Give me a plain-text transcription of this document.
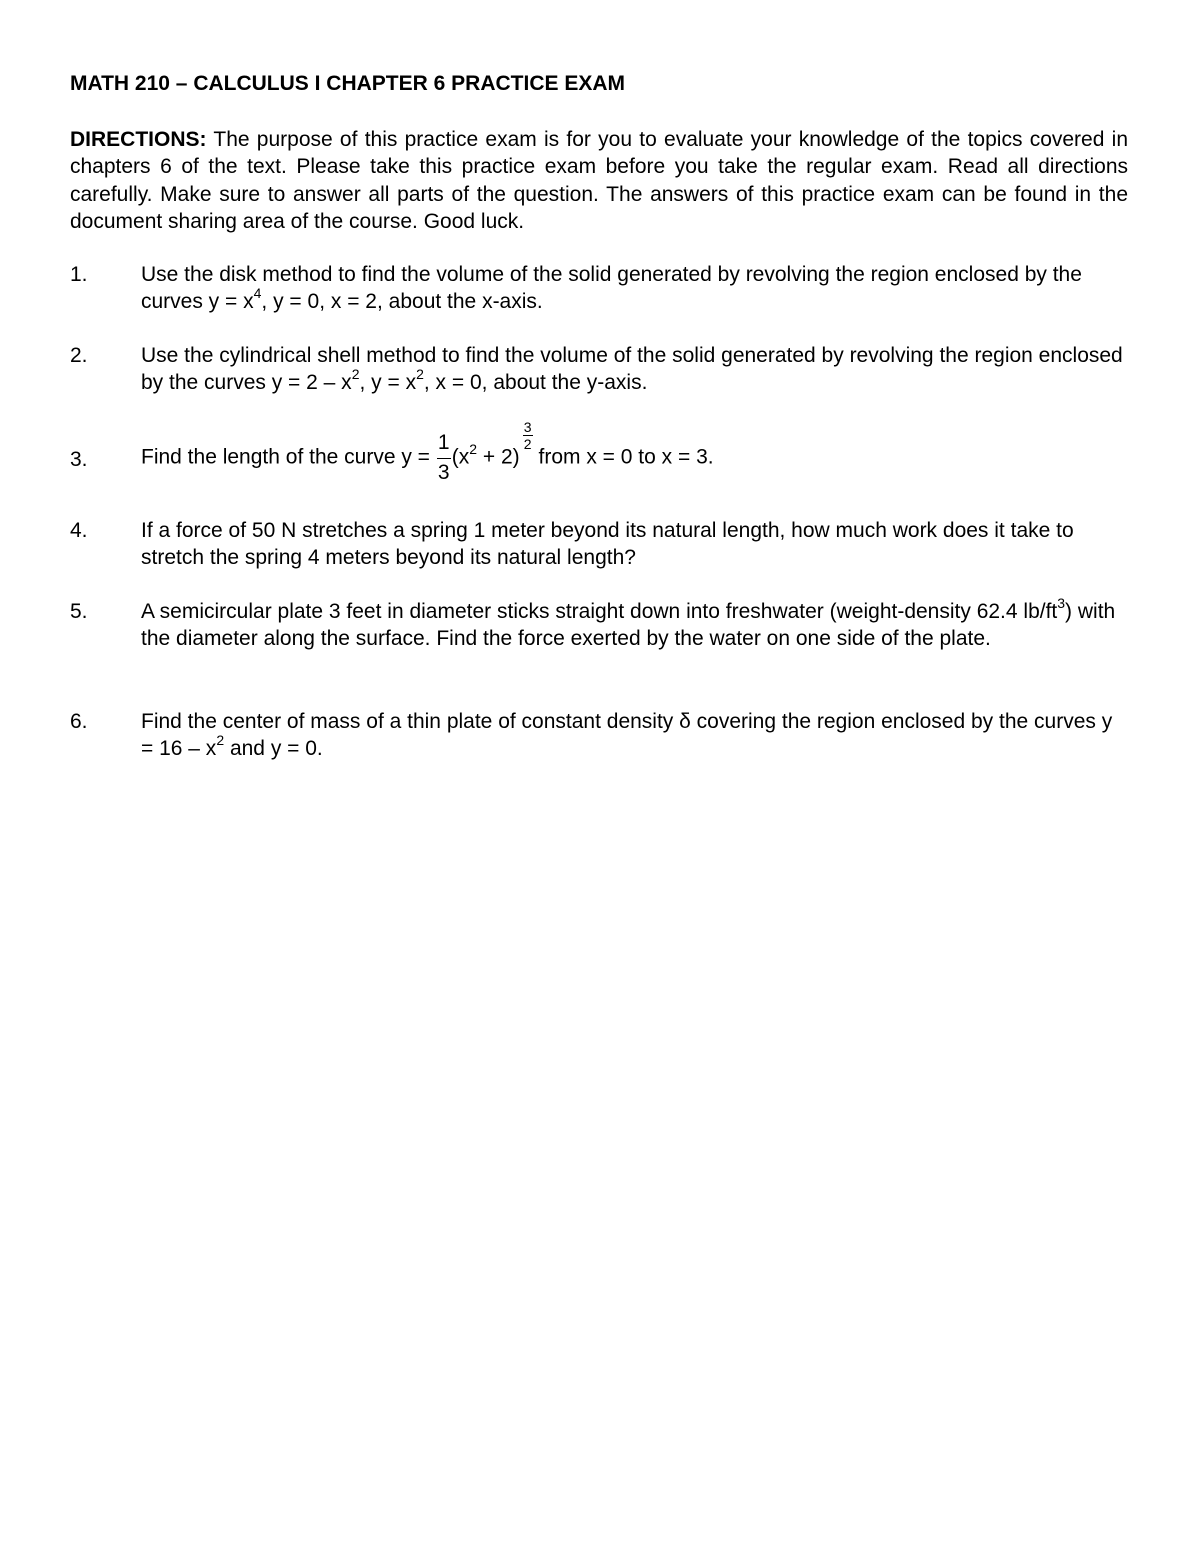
MATH 210 – CALCULUS I CHAPTER 6 PRACTICE EXAM
DIRECTIONS: The purpose of this practice exam is for you to evaluate your knowledge of the topics covered in chapters 6 of the text. Please take this practice exam before you take the regular exam. Read all directions carefully. Make sure to answer all parts of the question. The answers of this practice exam can be found in the document sharing area of the course. Good luck.
1.	Use the disk method to find the volume of the solid generated by revolving the region enclosed by the curves $y = x^4$, y = 0, x = 2, about the x-axis.
2.	Use the cylindrical shell method to find the volume of the solid generated by revolving the region enclosed by the curves $y = 2 - x^2$, $y = x^2$, x = 0, about the y-axis.
3.	Find the length of the curve $y = \frac{1}{3} (x^2 + 2)$
$\frac{3}{2}$
from x = 0 to x = 3.
4.	If a force of 50 N stretches a spring 1 meter beyond its natural length, how much work does it take to stretch the spring 4 meters beyond its natural length?
5.	A semicircular plate 3 feet in diameter sticks straight down into freshwater (weight-density 62.4 $lb/ft^3$) with the diameter along the surface. Find the force exerted by the water on one side of the plate.
6.	Find the center of mass of a thin plate of constant density δ covering the region enclosed by the curves $y = 16 - x^2$ and y = 0.
